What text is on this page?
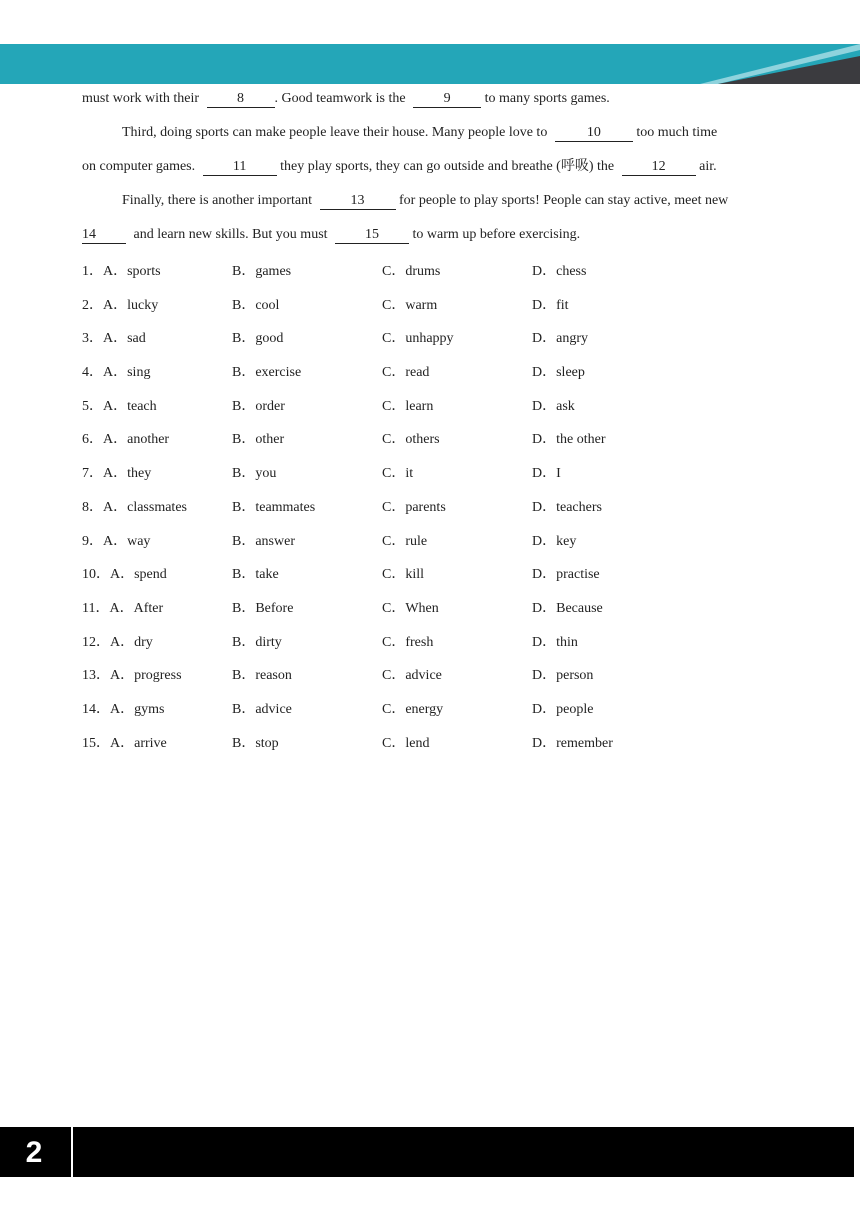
must work with their	8 . Good teamwork is the	9 to many sports games.
Third, doing sports can make people leave their house. Many people love to	10	too much time
on computer games.	11 they play sports, they can go outside and breathe (呼吸) the	12 air.
Finally, there is another important	13 for people to play sports! People can stay active, meet new
14	and learn new skills. But you must	15 to warm up before exercising.
1．A．sports	B．games	C．drums	D．chess
2．A．lucky	B．cool	C．warm	D．fit
3．A．sad	B．good	C．unhappy	D．angry
4．A．sing	B．exercise	C．read	D．sleep
5．A．teach	B．order	C．learn	D．ask
6．A．another	B．other	C．others	D．the other
7．A．they	B．you	C．it	D．I
8．A．classmates	B．teammates	C．parents	D．teachers
9．A．way	B．answer	C．rule	D．key
10．A．spend	B．take	C．kill	D．practise
11．A．After	B．Before	C．When	D．Because
12．A．dry	B．dirty	C．fresh	D．thin
13．A．progress	B．reason	C．advice	D．person
14．A．gyms	B．advice	C．energy	D．people
15．A．arrive	B．stop	C．lend	D．remember
2
